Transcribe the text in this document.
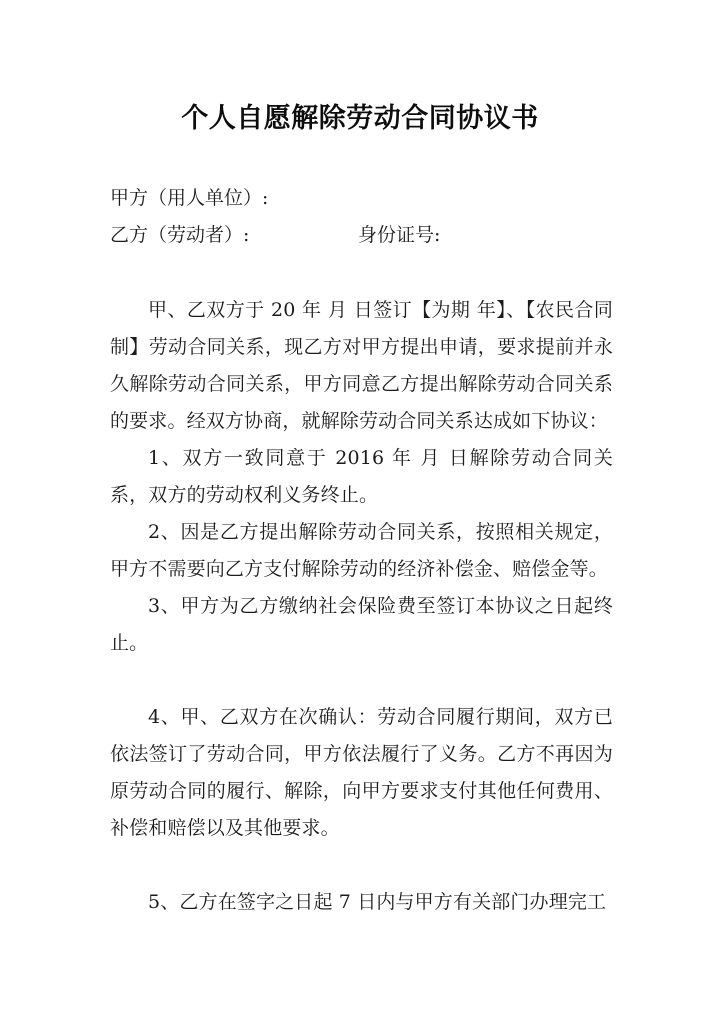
个人自愿解除劳动合同协议书
甲方（用人单位）:
乙方（劳动者）:	身份证号:

甲、乙双方于 20 年 月 日签订【为期 年】、【农民合同制】劳动合同关系，现乙方对甲方提出申请，要求提前并永久解除劳动合同关系，甲方同意乙方提出解除劳动合同关系的要求。经双方协商，就解除劳动合同关系达成如下协议：

1、双方一致同意于 2016 年 月 日解除劳动合同关系，双方的劳动权利义务终止。

2、因是乙方提出解除劳动合同关系，按照相关规定，甲方不需要向乙方支付解除劳动的经济补偿金、赔偿金等。

3、甲方为乙方缴纳社会保险费至签订本协议之日起终止。

4、甲、乙双方在次确认：劳动合同履行期间，双方已依法签订了劳动合同，甲方依法履行了义务。乙方不再因为原劳动合同的履行、解除，向甲方要求支付其他任何费用、补偿和赔偿以及其他要求。

5、乙方在签字之日起 7 日内与甲方有关部门办理完工
